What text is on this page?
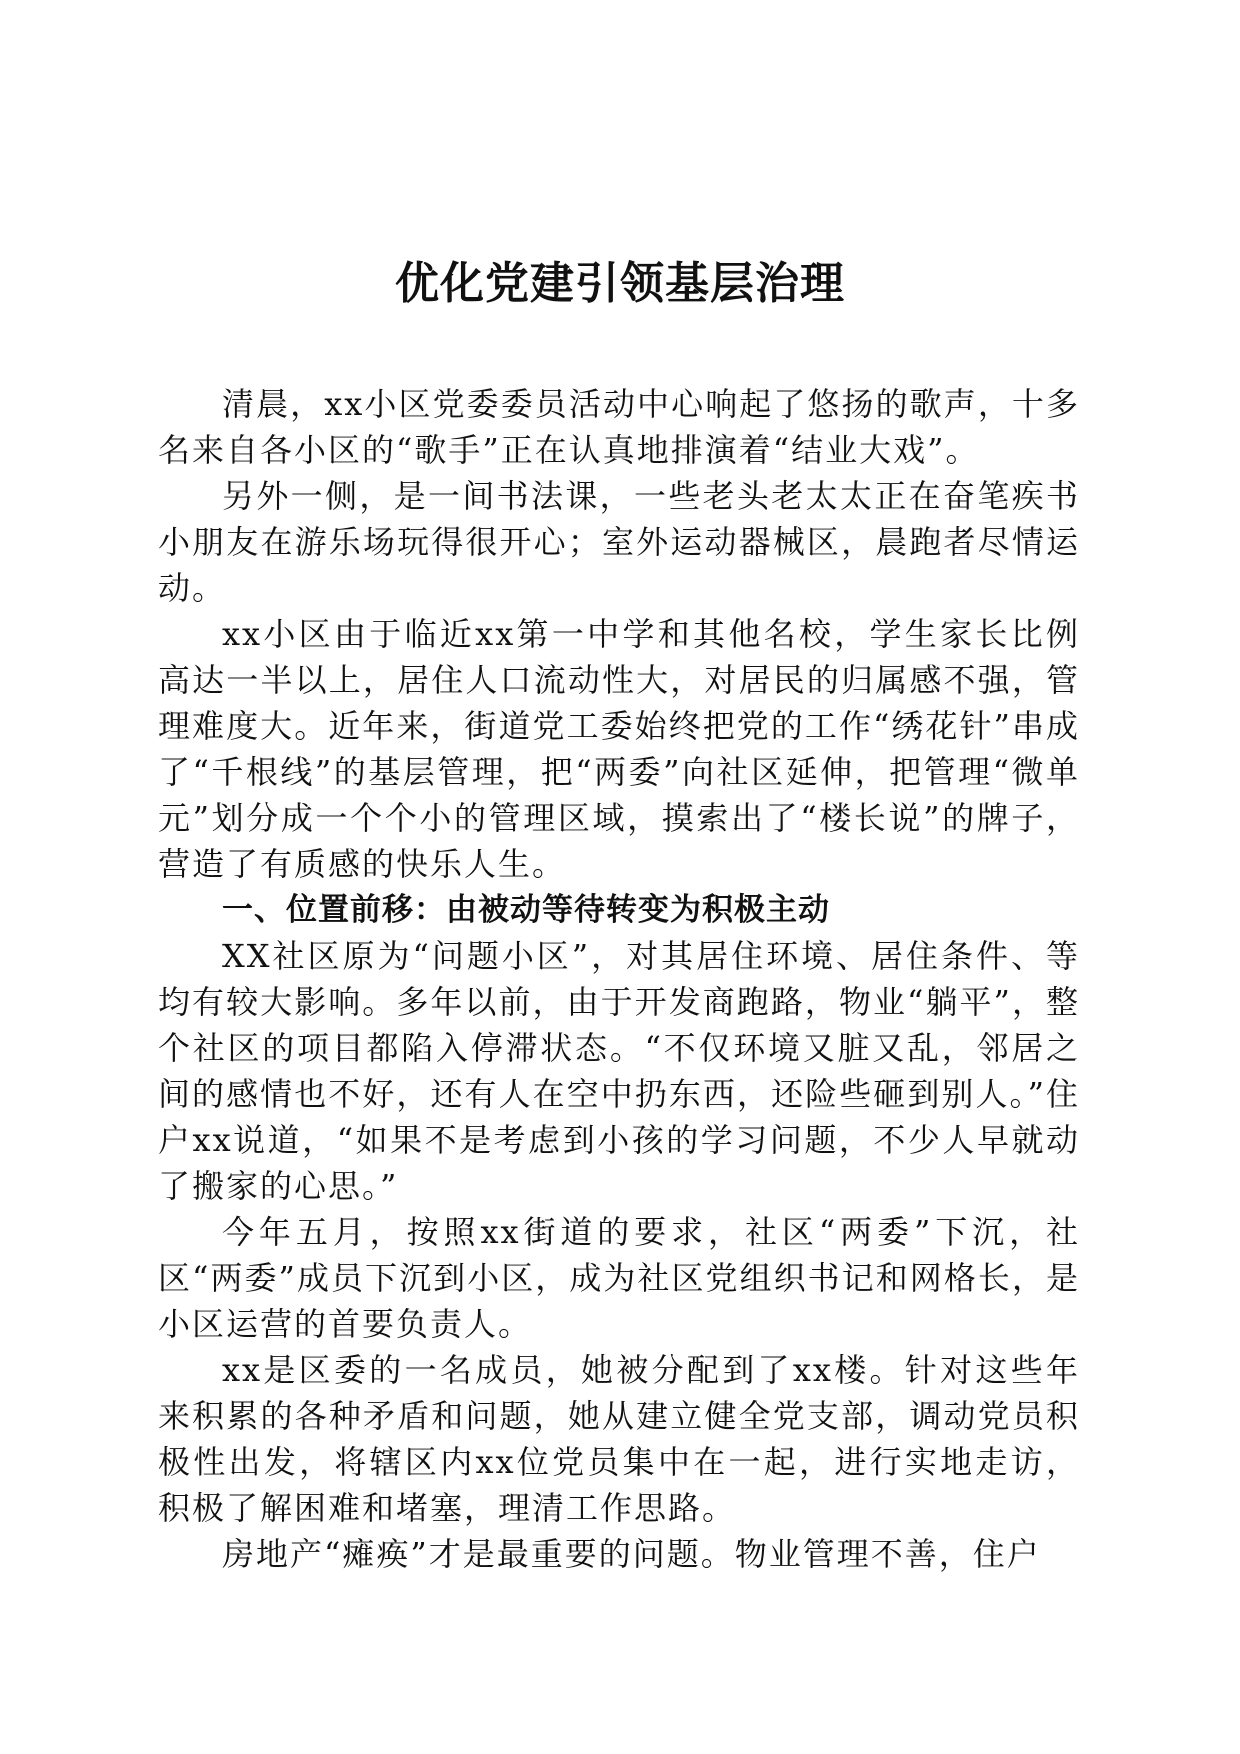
优化党建引领基层治理

清晨，xx小区党委委员活动中心响起了悠扬的歌声，十多名来自各小区的“歌手”正在认真地排演着“结业大戏”。

另外一侧，是一间书法课，一些老头老太太正在奋笔疾书小朋友在游乐场玩得很开心；室外运动器械区，晨跑者尽情运动。

xx小区由于临近xx第一中学和其他名校，学生家长比例高达一半以上，居住人口流动性大，对居民的归属感不强，管理难度大。近年来，街道党工委始终把党的工作“绣花针”串成了“千根线”的基层管理，把“两委”向社区延伸，把管理“微单元”划分成一个个小的管理区域，摸索出了“楼长说”的牌子，营造了有质感的快乐人生。

一、位置前移：由被动等待转变为积极主动

XX社区原为“问题小区”，对其居住环境、居住条件、等均有较大影响。多年以前，由于开发商跑路，物业“躺平”，整个社区的项目都陷入停滞状态。“不仅环境又脏又乱，邻居之间的感情也不好，还有人在空中扔东西，还险些砸到别人。”住户xx说道，“如果不是考虑到小孩的学习问题，不少人早就动了搬家的心思。”

今年五月，按照xx街道的要求，社区“两委”下沉，社区“两委”成员下沉到小区，成为社区党组织书记和网格长，是小区运营的首要负责人。

xx是区委的一名成员，她被分配到了xx楼。针对这些年来积累的各种矛盾和问题，她从建立健全党支部，调动党员积极性出发，将辖区内xx位党员集中在一起，进行实地走访，积极了解困难和堵塞，理清工作思路。

房地产“瘫痪”才是最重要的问题。物业管理不善，住户
